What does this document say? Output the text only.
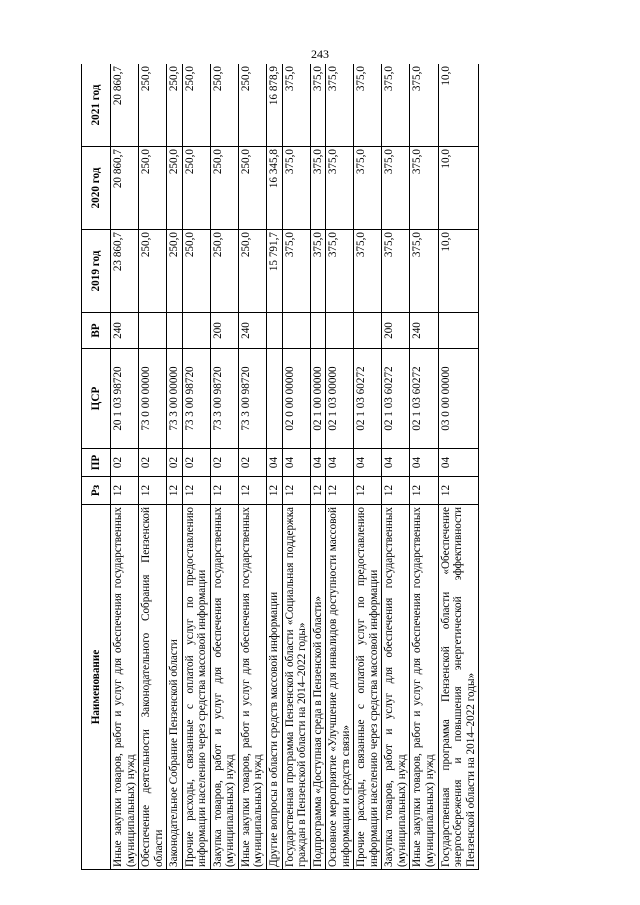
243
Наименование	Рз	ПР	ЦСР	ВР	2019 год	2020 год	2021 год
Иные закупки товаров, работ и услуг для обеспечения государственных (муниципальных) нужд	12	02	20 1 03 98720	240	23 860,7	20 860,7	20 860,7
Обеспечение деятельности Законодательного Собрания Пензенской области	12	02	73 0 00 00000		250,0	250,0	250,0
Законодательное Собрание Пензенской области	12	02	73 3 00 00000		250,0	250,0	250,0
Прочие расходы, связанные с оплатой услуг по предоставлению информации населению через средства массовой информации	12	02	73 3 00 98720		250,0	250,0	250,0
Закупка товаров, работ и услуг для обеспечения государственных (муниципальных) нужд	12	02	73 3 00 98720	200	250,0	250,0	250,0
Иные закупки товаров, работ и услуг для обеспечения государственных (муниципальных) нужд	12	02	73 3 00 98720	240	250,0	250,0	250,0
Другие вопросы в области средств массовой информации	12	04			15 791,7	16 345,8	16 878,9
Государственная программа Пензенской области «Социальная поддержка граждан в Пензенской области на 2014–2022 годы»	12	04	02 0 00 00000		375,0	375,0	375,0
Подпрограмма «Доступная среда в Пензенской области»	12	04	02 1 00 00000		375,0	375,0	375,0
Основное мероприятие «Улучшение для инвалидов доступности массовой информации и средств связи»	12	04	02 1 03 00000		375,0	375,0	375,0
Прочие расходы, связанные с оплатой услуг по предоставлению информации населению через средства массовой информации	12	04	02 1 03 60272		375,0	375,0	375,0
Закупка товаров, работ и услуг для обеспечения государственных (муниципальных) нужд	12	04	02 1 03 60272	200	375,0	375,0	375,0
Иные закупки товаров, работ и услуг для обеспечения государственных (муниципальных) нужд	12	04	02 1 03 60272	240	375,0	375,0	375,0
Государственная программа Пензенской области «Обеспечение энергосбережения и повышения энергетической эффективности Пензенской области на 2014–2022 годы»	12	04	03 0 00 00000		10,0	10,0	10,0
